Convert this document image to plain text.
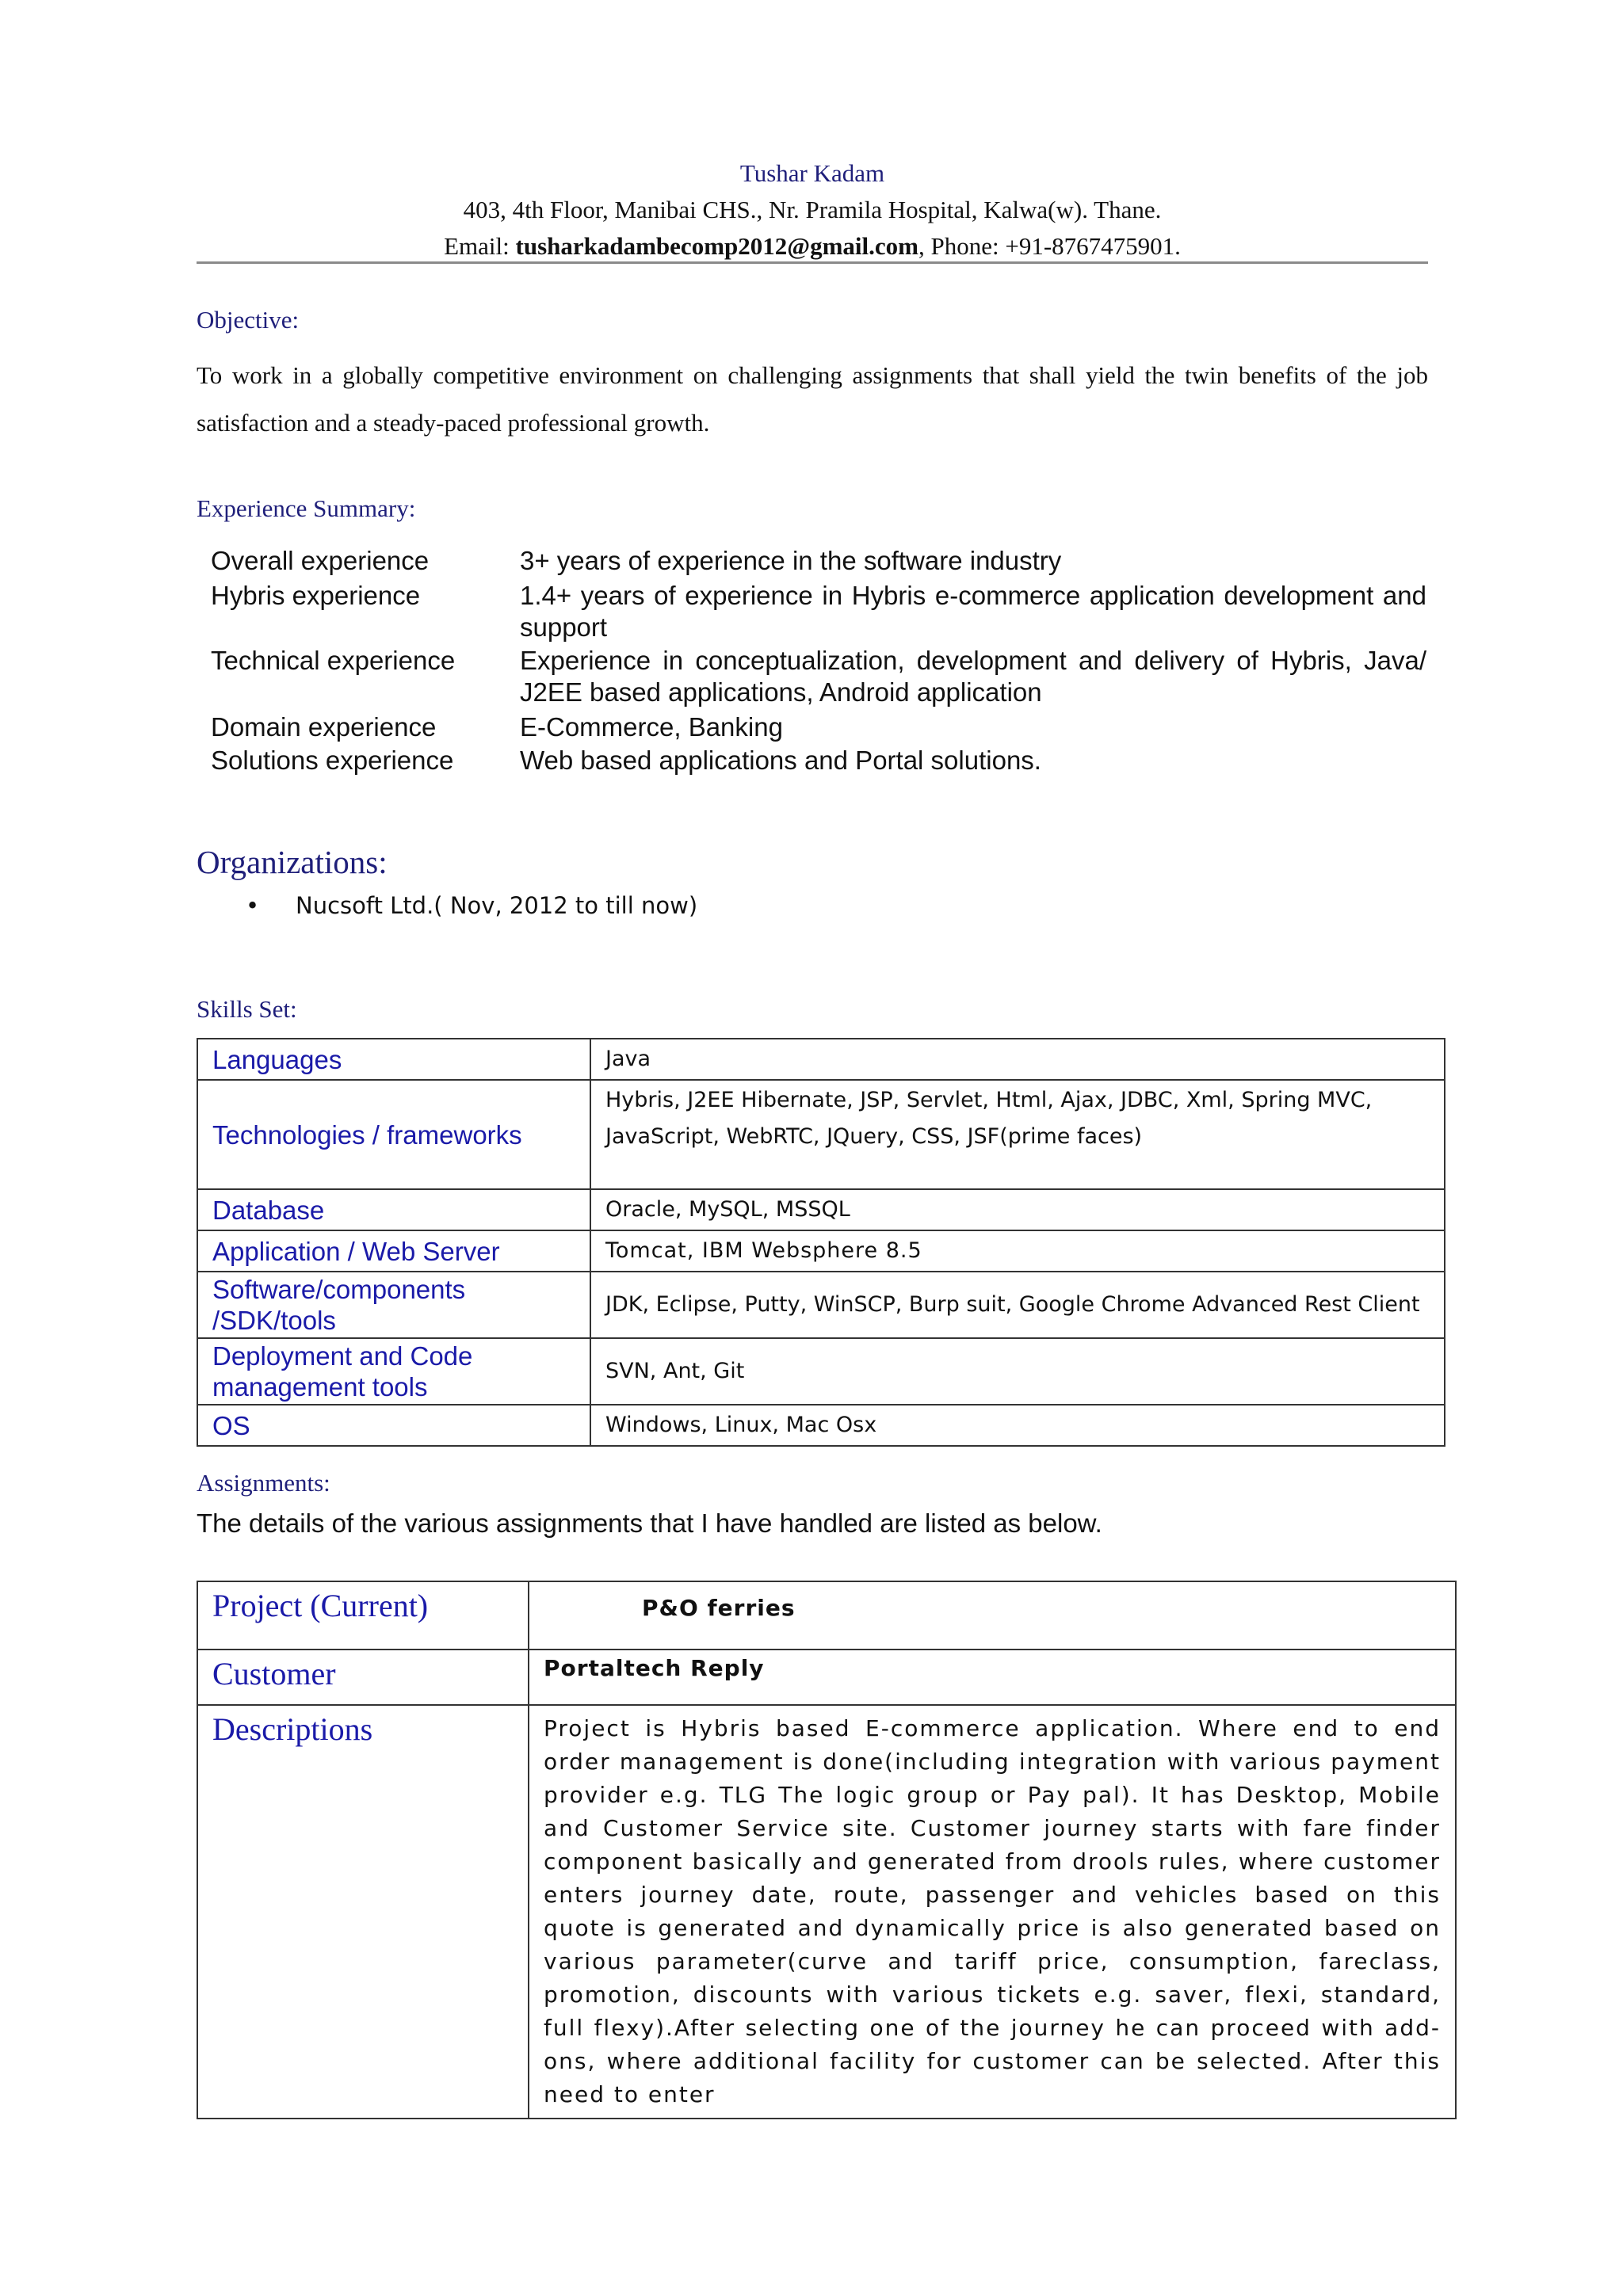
Tushar Kadam
403, 4th Floor, Manibai CHS., Nr. Pramila Hospital, Kalwa(w). Thane.
Email: tusharkadambecomp2012@gmail.com, Phone: +91-8767475901.
Objective:
To work in a globally competitive environment on challenging assignments that shall yield the twin benefits of the job satisfaction and a steady-paced professional growth.
Experience Summary:
Overall experience	3+ years of experience in the software industry
Hybris experience	1.4+ years of experience in Hybris e-commerce application development and support
Technical experience	Experience in conceptualization, development and delivery of Hybris, Java/ J2EE based applications, Android application
Domain experience	E-Commerce, Banking
Solutions experience	Web based applications and Portal solutions.
Organizations:
• Nucsoft Ltd.( Nov, 2012 to till now)
Skills Set:
Languages	Java
Technologies / frameworks	Hybris, J2EE Hibernate, JSP, Servlet, Html, Ajax, JDBC, Xml, Spring MVC, JavaScript, WebRTC, JQuery, CSS, JSF(prime faces)
Database	Oracle, MySQL, MSSQL
Application / Web Server	Tomcat, IBM Websphere 8.5
Software/components /SDK/tools	JDK, Eclipse, Putty, WinSCP, Burp suit, Google Chrome Advanced Rest Client
Deployment and Code management tools	SVN, Ant, Git
OS	Windows, Linux, Mac Osx
Assignments:
The details of the various assignments that I have handled are listed as below.
Project (Current)	P&O ferries
Customer	Portaltech Reply
Descriptions	Project is Hybris based E-commerce application. Where end to end order management is done(including integration with various payment provider e.g. TLG The logic group or Pay pal). It has Desktop, Mobile and Customer Service site. Customer journey starts with fare finder component basically and generated from drools rules, where customer enters journey date, route, passenger and vehicles based on this quote is generated and dynamically price is also generated based on various parameter(curve and tariff price, consumption, fareclass, promotion, discounts with various tickets e.g. saver, flexi, standard, full flexy).After selecting one of the journey he can proceed with add-ons, where additional facility for customer can be selected. After this need to enter
